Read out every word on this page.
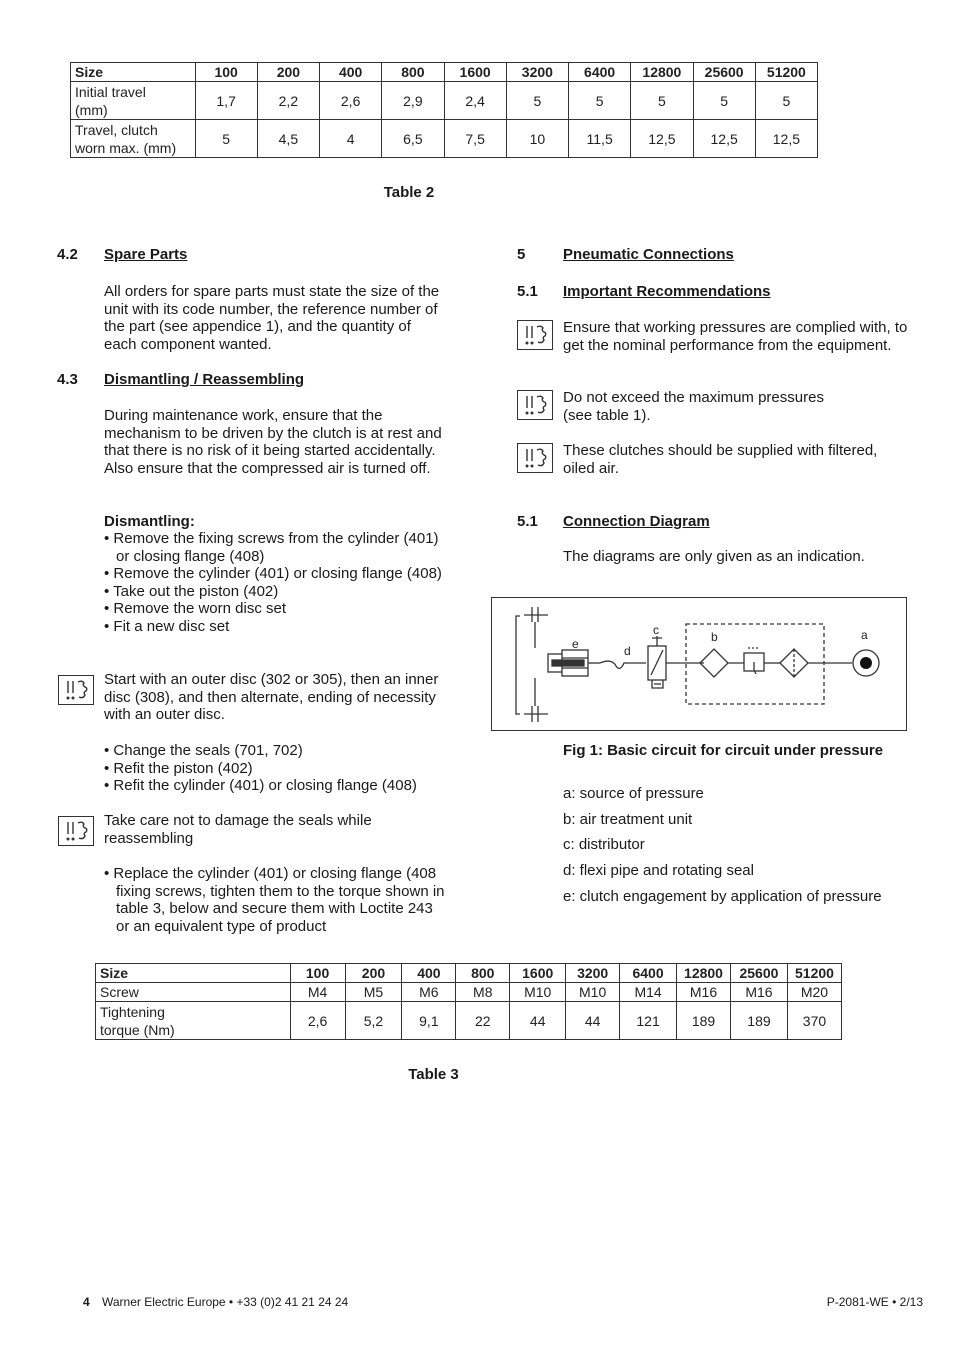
Size	100	200	400	800	1600	3200	6400	12800	25600	51200
Initial travel
(mm)	1,7	2,2	2,6	2,9	2,4	5	5	5	5	5
Travel, clutch
worn max. (mm)	5	4,5	4	6,5	7,5	10	11,5	12,5	12,5	12,5
Table 2
4.2 Spare Parts
All orders for spare parts must state the size of the unit with its code number, the reference number of the part (see appendice 1), and the quantity of each component wanted.
4.3 Dismantling / Reassembling
During maintenance work, ensure that the mechanism to be driven by the clutch is at rest and that there is no risk of it being started accidentally. Also ensure that the compressed air is turned off.
Dismantling:
• Remove the fixing screws from the cylinder (401) or closing flange (408)
• Remove the cylinder (401) or closing flange (408)
• Take out the piston (402)
• Remove the worn disc set
• Fit a new disc set
Start with an outer disc (302 or 305), then an inner disc (308), and then alternate, ending of necessity with an outer disc.
• Change the seals (701, 702)
• Refit the piston (402)
• Refit the cylinder (401) or closing flange (408)
Take care not to damage the seals while reassembling
• Replace the cylinder (401) or closing flange (408 fixing screws, tighten them to the torque shown in table 3, below and secure them with Loctite 243 or an equivalent type of product
5	Pneumatic Connections
5.1 Important Recommendations
Ensure that working pressures are complied with, to get the nominal performance from the equipment.
Do not exceed the maximum pressures (see table 1).
These clutches should be supplied with filtered, oiled air.
5.1 Connection Diagram
The diagrams are only given as an indication.
e	d
c	b	a
Fig 1: Basic circuit for circuit under pressure
a: source of pressure
b: air treatment unit
c: distributor
d: flexi pipe and rotating seal
e: clutch engagement by application of pressure
Size	100	200	400	800	1600	3200	6400	12800	25600	51200
Screw	M4	M5	M6	M8	M10	M10	M14	M16	M16	M20
Tightening
torque (Nm)	2,6	5,2	9,1	22	44	44	121	189	189	370
Table 3
4 Warner Electric Europe • +33 (0)2 41 21 24 24	P-2081-WE • 2/13
